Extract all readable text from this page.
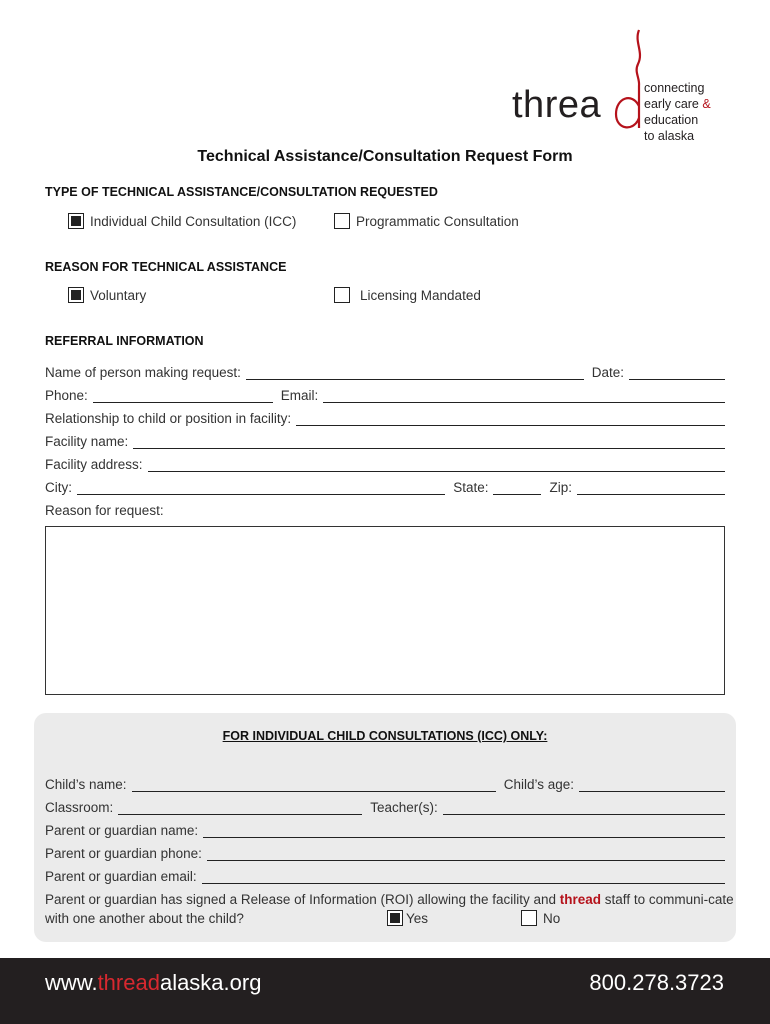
threa	connecting
early care & education
to alaska
Technical Assistance/Consultation Request Form
TYPE OF TECHNICAL ASSISTANCE/CONSULTATION REQUESTED
Individual Child Consultation (ICC)	Programmatic Consultation
REASON FOR TECHNICAL ASSISTANCE
Voluntary	Licensing Mandated
REFERRAL INFORMATION
Name of person making request:	Date:
Phone:	Email:
Relationship to child or position in facility:
Facility name:
Facility address:
City:	State:	Zip:
Reason for request:
FOR INDIVIDUAL CHILD CONSULTATIONS (ICC) ONLY:
Child’s name:	Child’s age:
Classroom:	Teacher(s):
Parent or guardian name:
Parent or guardian phone:
Parent or guardian email:
Parent or guardian has signed a Release of Information (ROI) allowing the facility and thread staff to communi-cate with one another about the child?	Yes	No
www.threadalaska.org	800.278.3723
